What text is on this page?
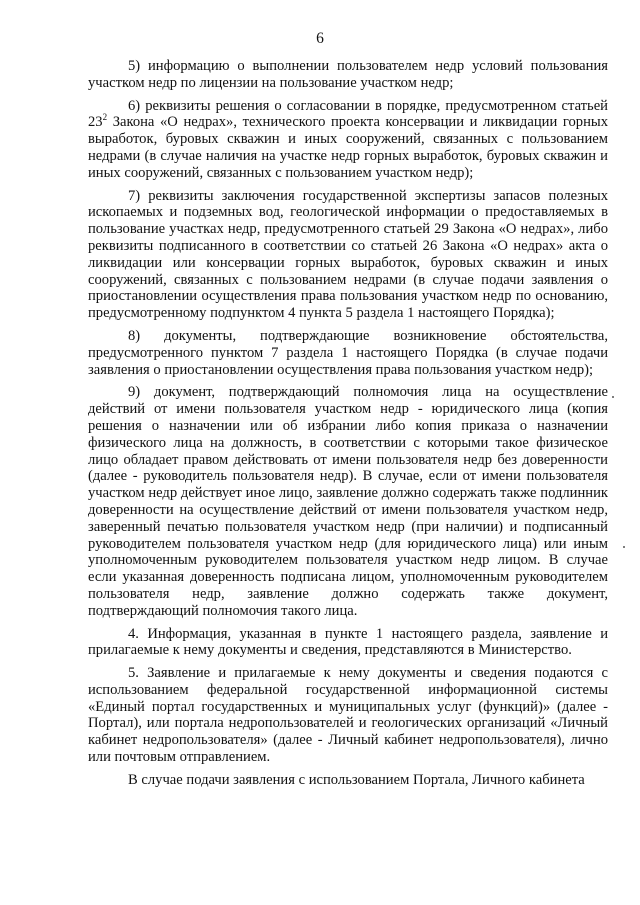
6

5) информацию о выполнении пользователем недр условий пользования участком недр по лицензии на пользование участком недр;

6) реквизиты решения о согласовании в порядке, предусмотренном статьей $23^2$ Закона «О недрах», технического проекта консервации и ликвидации горных выработок, буровых скважин и иных сооружений, связанных с пользованием недрами (в случае наличия на участке недр горных выработок, буровых скважин и иных сооружений, связанных с пользованием участком недр);

7) реквизиты заключения государственной экспертизы запасов полезных ископаемых и подземных вод, геологической информации о предоставляемых в пользование участках недр, предусмотренного статьей 29 Закона «О недрах», либо реквизиты подписанного в соответствии со статьей 26 Закона «О недрах» акта о ликвидации или консервации горных выработок, буровых скважин и иных сооружений, связанных с пользованием недрами (в случае подачи заявления о приостановлении осуществления права пользования участком недр по основанию, предусмотренному подпунктом 4 пункта 5 раздела 1 настоящего Порядка);

8) документы, подтверждающие возникновение обстоятельства, предусмотренного пунктом 7 раздела 1 настоящего Порядка (в случае подачи заявления о приостановлении осуществления права пользования участком недр);

9) документ, подтверждающий полномочия лица на осуществление действий от имени пользователя участком недр - юридического лица (копия решения о назначении или об избрании либо копия приказа о назначении физического лица на должность, в соответствии с которыми такое физическое лицо обладает правом действовать от имени пользователя недр без доверенности (далее - руководитель пользователя недр). В случае, если от имени пользователя участком недр действует иное лицо, заявление должно содержать также подлинник доверенности на осуществление действий от имени пользователя участком недр, заверенный печатью пользователя участком недр (при наличии) и подписанный руководителем пользователя участком недр (для юридического лица) или иным уполномоченным руководителем пользователя участком недр лицом. В случае если указанная доверенность подписана лицом, уполномоченным руководителем пользователя недр, заявление должно содержать также документ, подтверждающий полномочия такого лица.

4. Информация, указанная в пункте 1 настоящего раздела, заявление и прилагаемые к нему документы и сведения, представляются в Министерство.

5. Заявление и прилагаемые к нему документы и сведения подаются с использованием федеральной государственной информационной системы «Единый портал государственных и муниципальных услуг (функций)» (далее - Портал), или портала недропользователей и геологических организаций «Личный кабинет недропользователя» (далее - Личный кабинет недропользователя), лично или почтовым отправлением.

В случае подачи заявления с использованием Портала, Личного кабинета
